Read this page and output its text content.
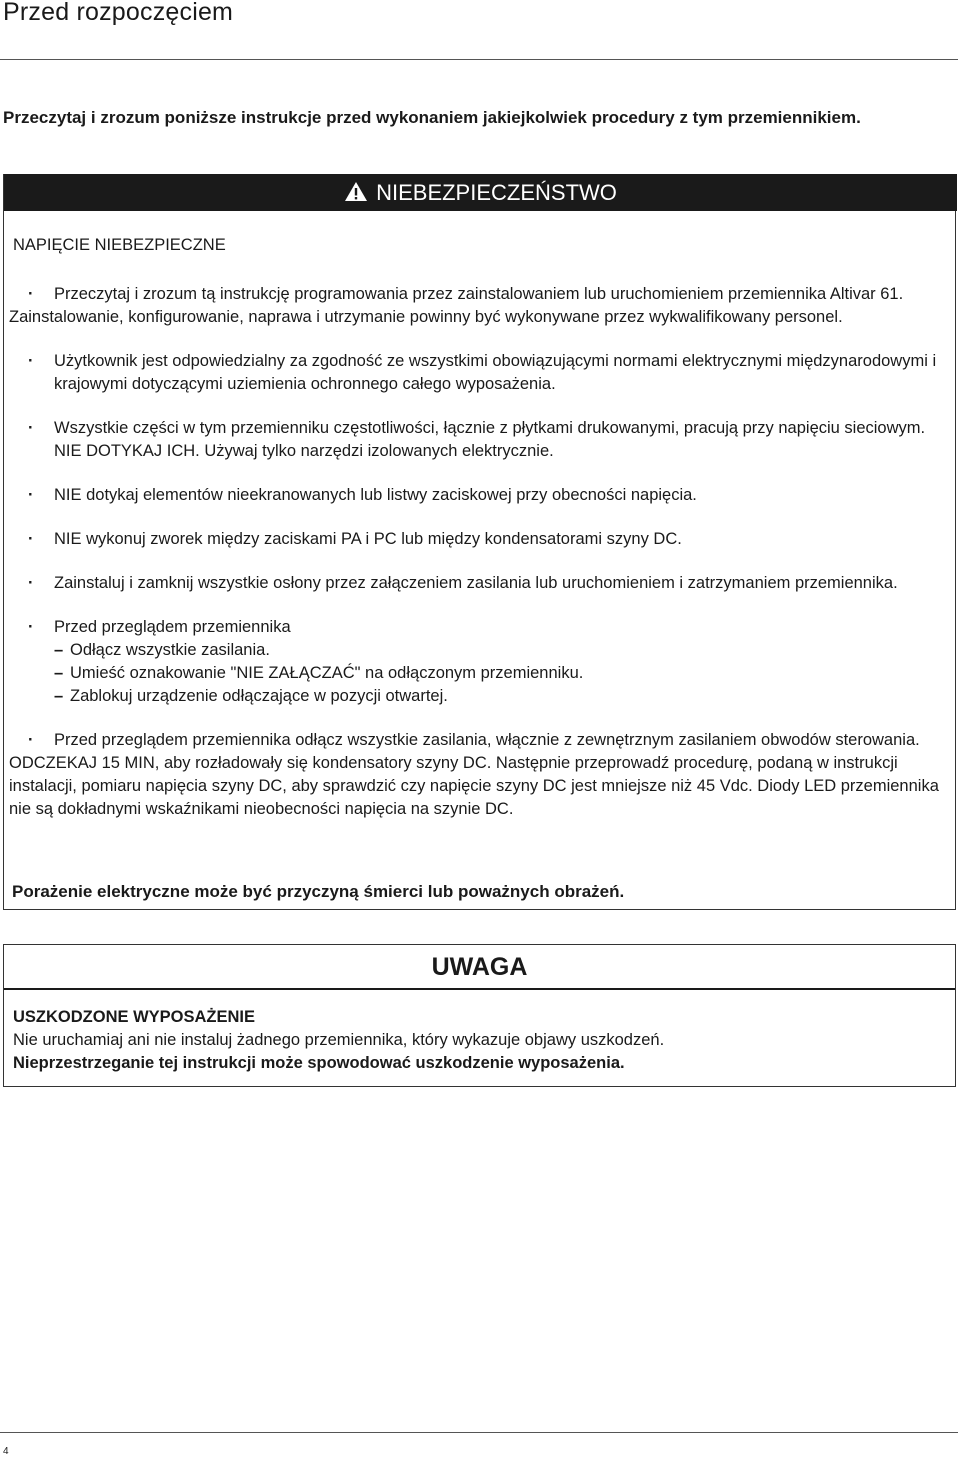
Przed rozpoczęciem

Przeczytaj i zrozum poniższe instrukcje przed wykonaniem jakiejkolwiek procedury z tym przemiennikiem.

NIEBEZPIECZEŃSTWO

NAPIĘCIE NIEBEZPIECZNE

·	Przeczytaj i zrozum tą instrukcję programowania przez zainstalowaniem lub uruchomieniem przemiennika Altivar 61. Zainstalowanie, konfigurowanie, naprawa i utrzymanie powinny być wykonywane przez wykwalifikowany personel.
· Użytkownik jest odpowiedzialny za zgodność ze wszystkimi obowiązującymi normami elektrycznymi międzynarodowymi i krajowymi dotyczącymi uziemienia ochronnego całego wyposażenia.
· Wszystkie części w tym przemienniku częstotliwości, łącznie z płytkami drukowanymi, pracują przy napięciu sieciowym. NIE DOTYKAJ ICH. Używaj tylko narzędzi izolowanych elektrycznie.
· NIE dotykaj elementów nieekranowanych lub listwy zaciskowej przy obecności napięcia.
· NIE wykonuj zworek między zaciskami PA i PC lub między kondensatorami szyny DC.
· Zainstaluj i zamknij wszystkie osłony przez załączeniem zasilania lub uruchomieniem i zatrzymaniem przemiennika.
· Przed przeglądem przemiennika
– Odłącz wszystkie zasilania.
– Umieść oznakowanie "NIE ZAŁĄCZAĆ" na odłączonym przemienniku.
– Zablokuj urządzenie odłączające w pozycji otwartej.
·	Przed przeglądem przemiennika odłącz wszystkie zasilania, włącznie z zewnętrznym zasilaniem obwodów sterowania. ODCZEKAJ 15 MIN, aby rozładowały się kondensatory szyny DC. Następnie przeprowadź procedurę, podaną w instrukcji instalacji, pomiaru napięcia szyny DC, aby sprawdzić czy napięcie szyny DC jest mniejsze niż 45 Vdc. Diody LED przemiennika nie są dokładnymi wskaźnikami nieobecności napięcia na szynie DC.

Porażenie elektryczne może być przyczyną śmierci lub poważnych obrażeń.

UWAGA

USZKODZONE WYPOSAŻENIE

Nie uruchamiaj ani nie instaluj żadnego przemiennika, który wykazuje objawy uszkodzeń.

Nieprzestrzeganie tej instrukcji może spowodować uszkodzenie wyposażenia.

4
